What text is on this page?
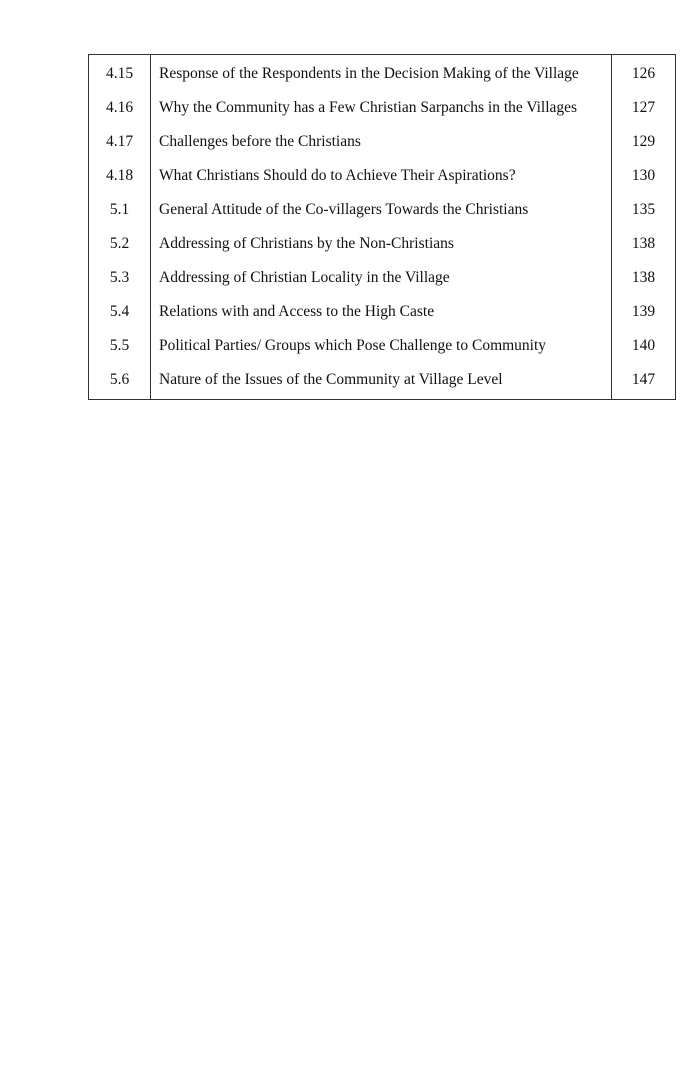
4.15	Response of the Respondents in the Decision Making of the Village	126
4.16	Why the Community has a Few Christian Sarpanchs in the Villages	127
4.17	Challenges before the Christians	129
4.18	What Christians Should do to Achieve Their Aspirations?	130
5.1	General Attitude of the Co-villagers Towards the Christians	135
5.2	Addressing of Christians by the Non-Christians	138
5.3	Addressing of Christian Locality in the Village	138
5.4	Relations with and Access to the High Caste	139
5.5	Political Parties/ Groups which Pose Challenge to Community	140
5.6	Nature of the Issues of the Community at Village Level	147
